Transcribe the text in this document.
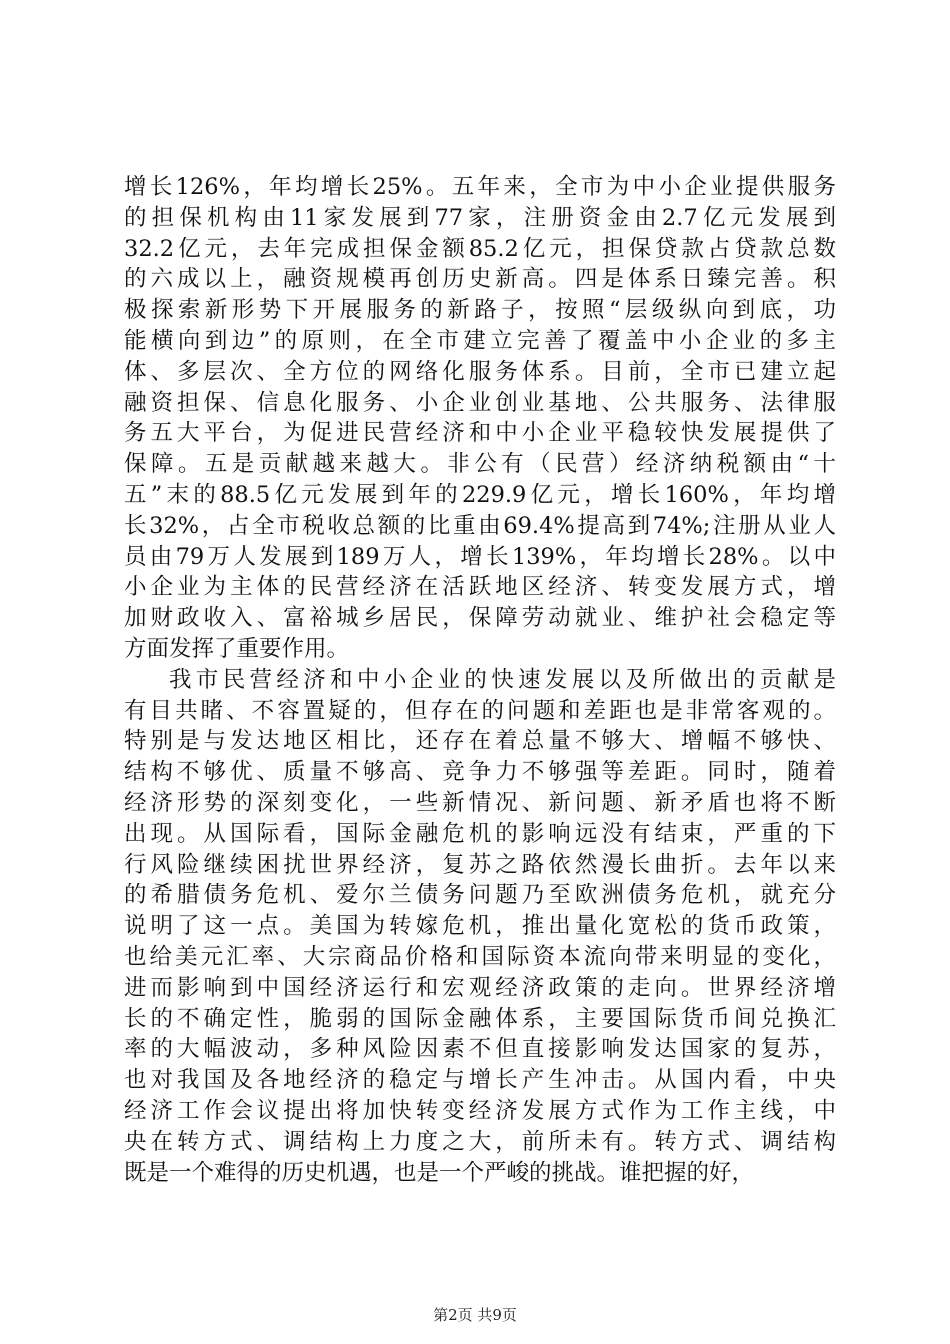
增长126%，年均增长25%。五年来，全市为中小企业提供服务
的担保机构由11家发展到77家，注册资金由2.7亿元发展到
32.2亿元，去年完成担保金额85.2亿元，担保贷款占贷款总数
的六成以上，融资规模再创历史新高。四是体系日臻完善。积
极探索新形势下开展服务的新路子，按照“层级纵向到底，功
能横向到边”的原则，在全市建立完善了覆盖中小企业的多主
体、多层次、全方位的网络化服务体系。目前，全市已建立起
融资担保、信息化服务、小企业创业基地、公共服务、法律服
务五大平台，为促进民营经济和中小企业平稳较快发展提供了
保障。五是贡献越来越大。非公有（民营）经济纳税额由“十
五”末的88.5亿元发展到年的229.9亿元，增长160%，年均增
长32%，占全市税收总额的比重由69.4%提高到74%;注册从业人
员由79万人发展到189万人，增长139%，年均增长28%。以中
小企业为主体的民营经济在活跃地区经济、转变发展方式，增
加财政收入、富裕城乡居民，保障劳动就业、维护社会稳定等
方面发挥了重要作用。
我市民营经济和中小企业的快速发展以及所做出的贡献是
有目共睹、不容置疑的，但存在的问题和差距也是非常客观的。
特别是与发达地区相比，还存在着总量不够大、增幅不够快、
结构不够优、质量不够高、竞争力不够强等差距。同时，随着
经济形势的深刻变化，一些新情况、新问题、新矛盾也将不断
出现。从国际看，国际金融危机的影响远没有结束，严重的下
行风险继续困扰世界经济，复苏之路依然漫长曲折。去年以来
的希腊债务危机、爱尔兰债务问题乃至欧洲债务危机，就充分
说明了这一点。美国为转嫁危机，推出量化宽松的货币政策，
也给美元汇率、大宗商品价格和国际资本流向带来明显的变化，
进而影响到中国经济运行和宏观经济政策的走向。世界经济增
长的不确定性，脆弱的国际金融体系，主要国际货币间兑换汇
率的大幅波动，多种风险因素不但直接影响发达国家的复苏，
也对我国及各地经济的稳定与增长产生冲击。从国内看，中央
经济工作会议提出将加快转变经济发展方式作为工作主线，中
央在转方式、调结构上力度之大，前所未有。转方式、调结构
既是一个难得的历史机遇，也是一个严峻的挑战。谁把握的好，
第2页 共9页
